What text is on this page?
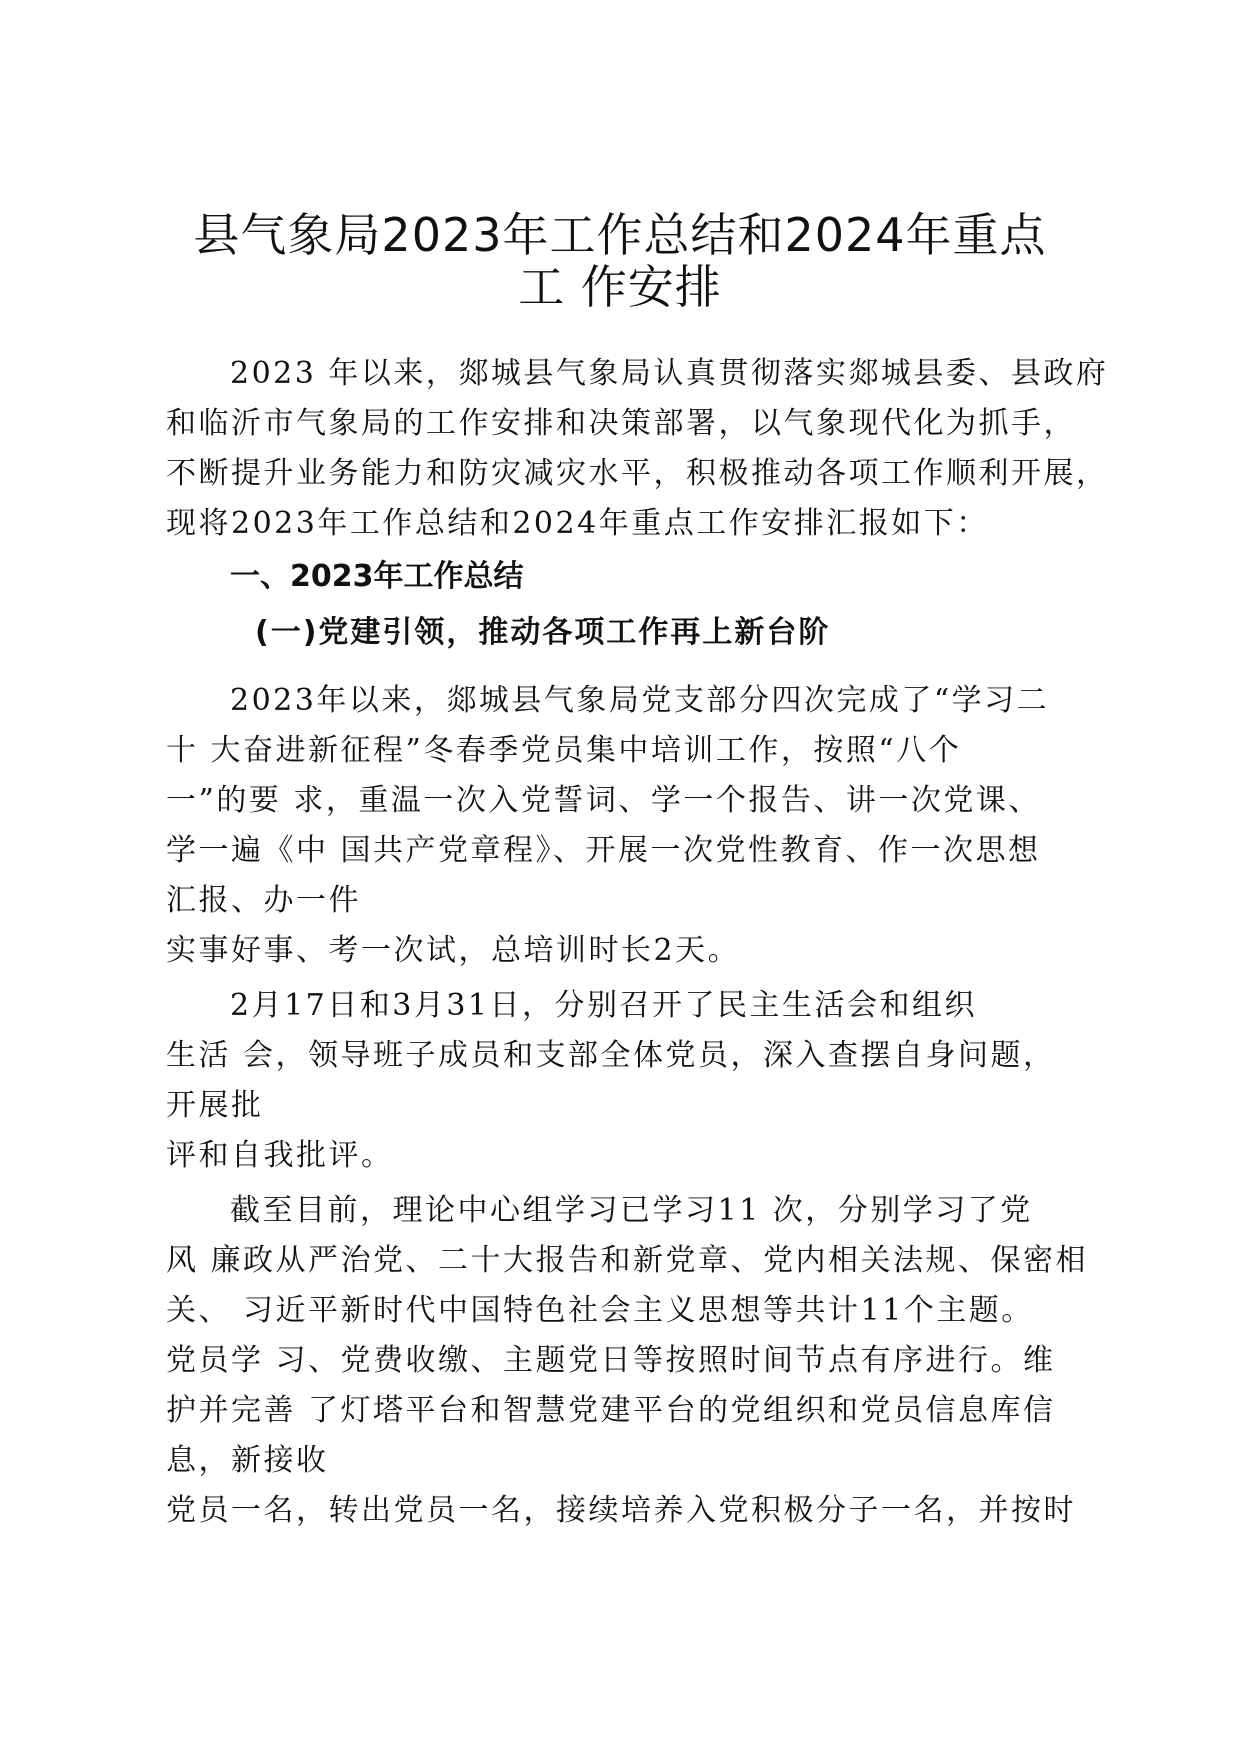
县气象局2023年工作总结和2024年重点
工 作安排
2023 年以来，郯城县气象局认真贯彻落实郯城县委、县政府
和临沂市气象局的工作安排和决策部署，以气象现代化为抓手，
不断提升业务能力和防灾减灾水平，积极推动各项工作顺利开展，
现将2023年工作总结和2024年重点工作安排汇报如下：
一、2023年工作总结
(一)党建引领，推动各项工作再上新台阶
2023年以来，郯城县气象局党支部分四次完成了“学习二
十 大奋进新征程”冬春季党员集中培训工作，按照“八个
一”的要 求，重温一次入党誓词、学一个报告、讲一次党课、
学一遍《中 国共产党章程》、开展一次党性教育、作一次思想
汇报、办一件
实事好事、考一次试，总培训时长2天。
2月17日和3月31日，分别召开了民主生活会和组织
生活 会，领导班子成员和支部全体党员，深入查摆自身问题，
开展批
评和自我批评。
截至目前，理论中心组学习已学习11 次，分别学习了党
风 廉政从严治党、二十大报告和新党章、党内相关法规、保密相
关、 习近平新时代中国特色社会主义思想等共计11个主题。
党员学 习、党费收缴、主题党日等按照时间节点有序进行。维
护并完善 了灯塔平台和智慧党建平台的党组织和党员信息库信
息，新接收
党员一名，转出党员一名，接续培养入党积极分子一名，并按时
